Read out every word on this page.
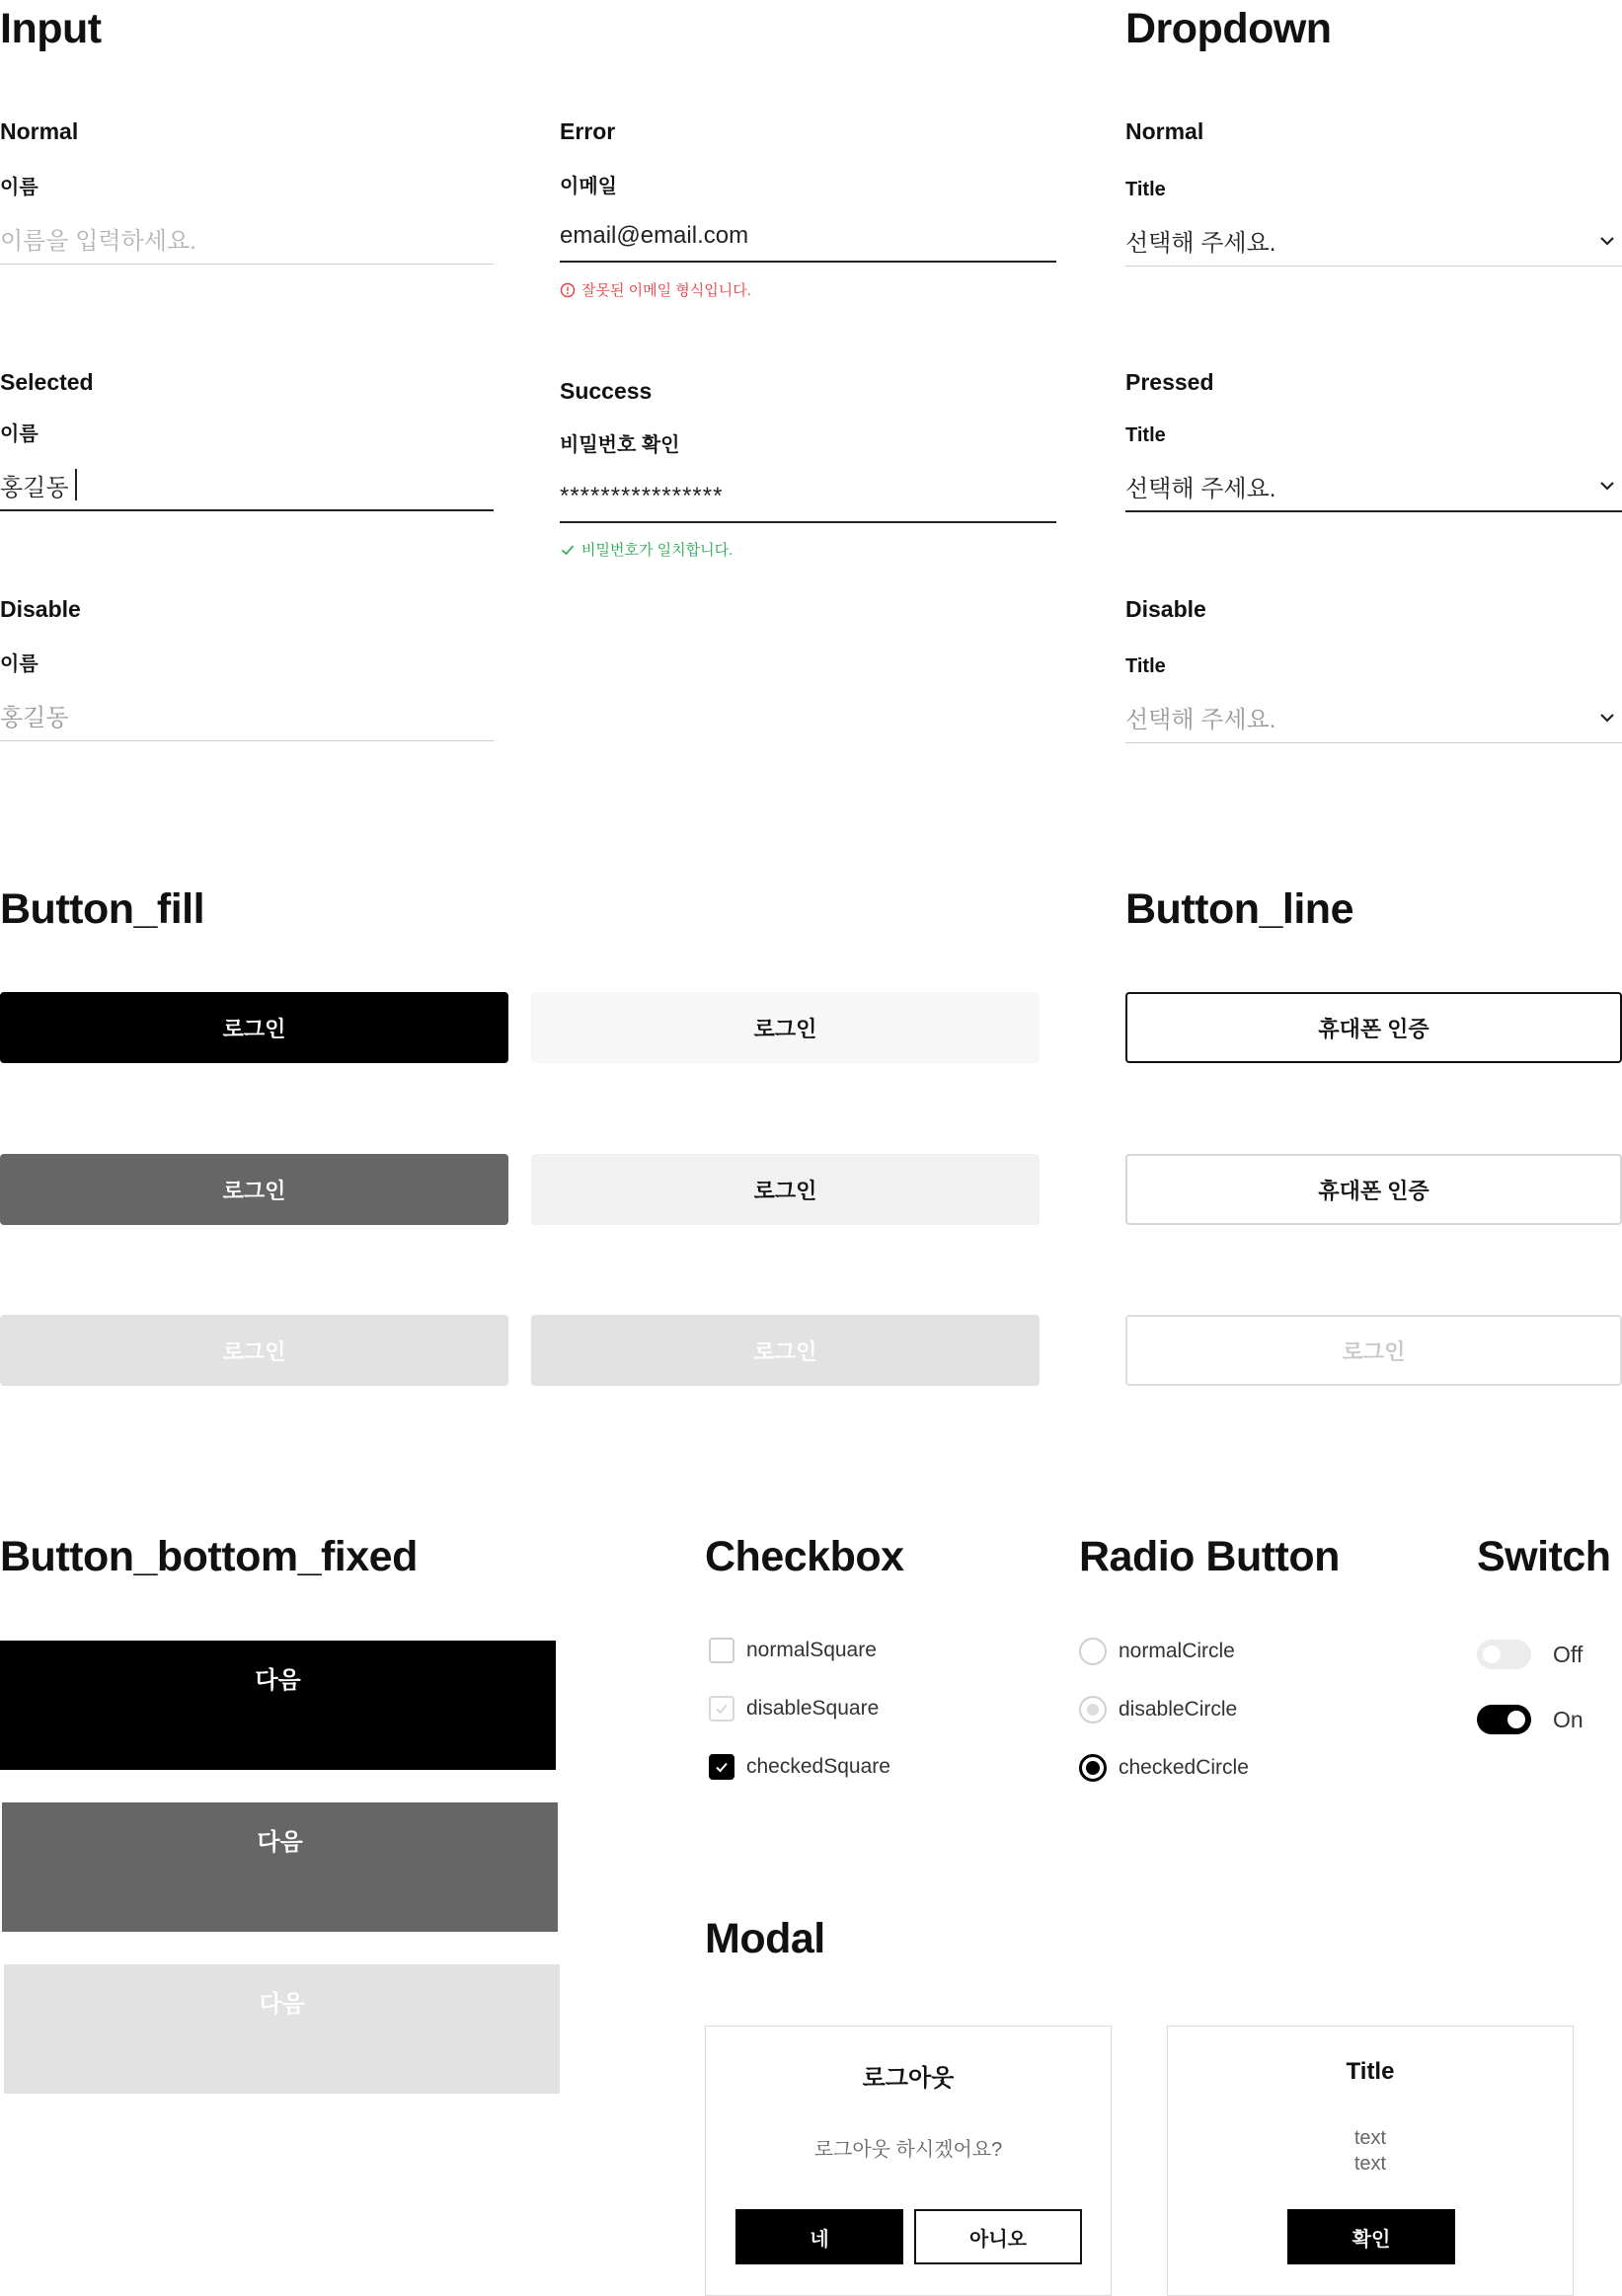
Input
Normal
이름
이름을 입력하세요.
Error
이메일
email@email.com
잘못된 이메일 형식입니다.
Selected
이름
홍길동
Success
비밀번호 확인
****************
비밀번호가 일치합니다.
Disable
이름
홍길동
Dropdown
Normal
Title
선택해 주세요.
Pressed
Title
선택해 주세요.
Disable
Title
선택해 주세요.
Button_fill
로그인	로그인
로그인	로그인
로그인	로그인
Button_line
휴대폰 인증
휴대폰 인증
로그인
Button_bottom_fixed
다음
다음
다음
Checkbox
normalSquare
disableSquare
checkedSquare
Radio Button
normalCircle
disableCircle
checkedCircle
Switch
Off
On
Modal
로그아웃
로그아웃 하시겠어요?
네	아니오
Title
text
text
확인
